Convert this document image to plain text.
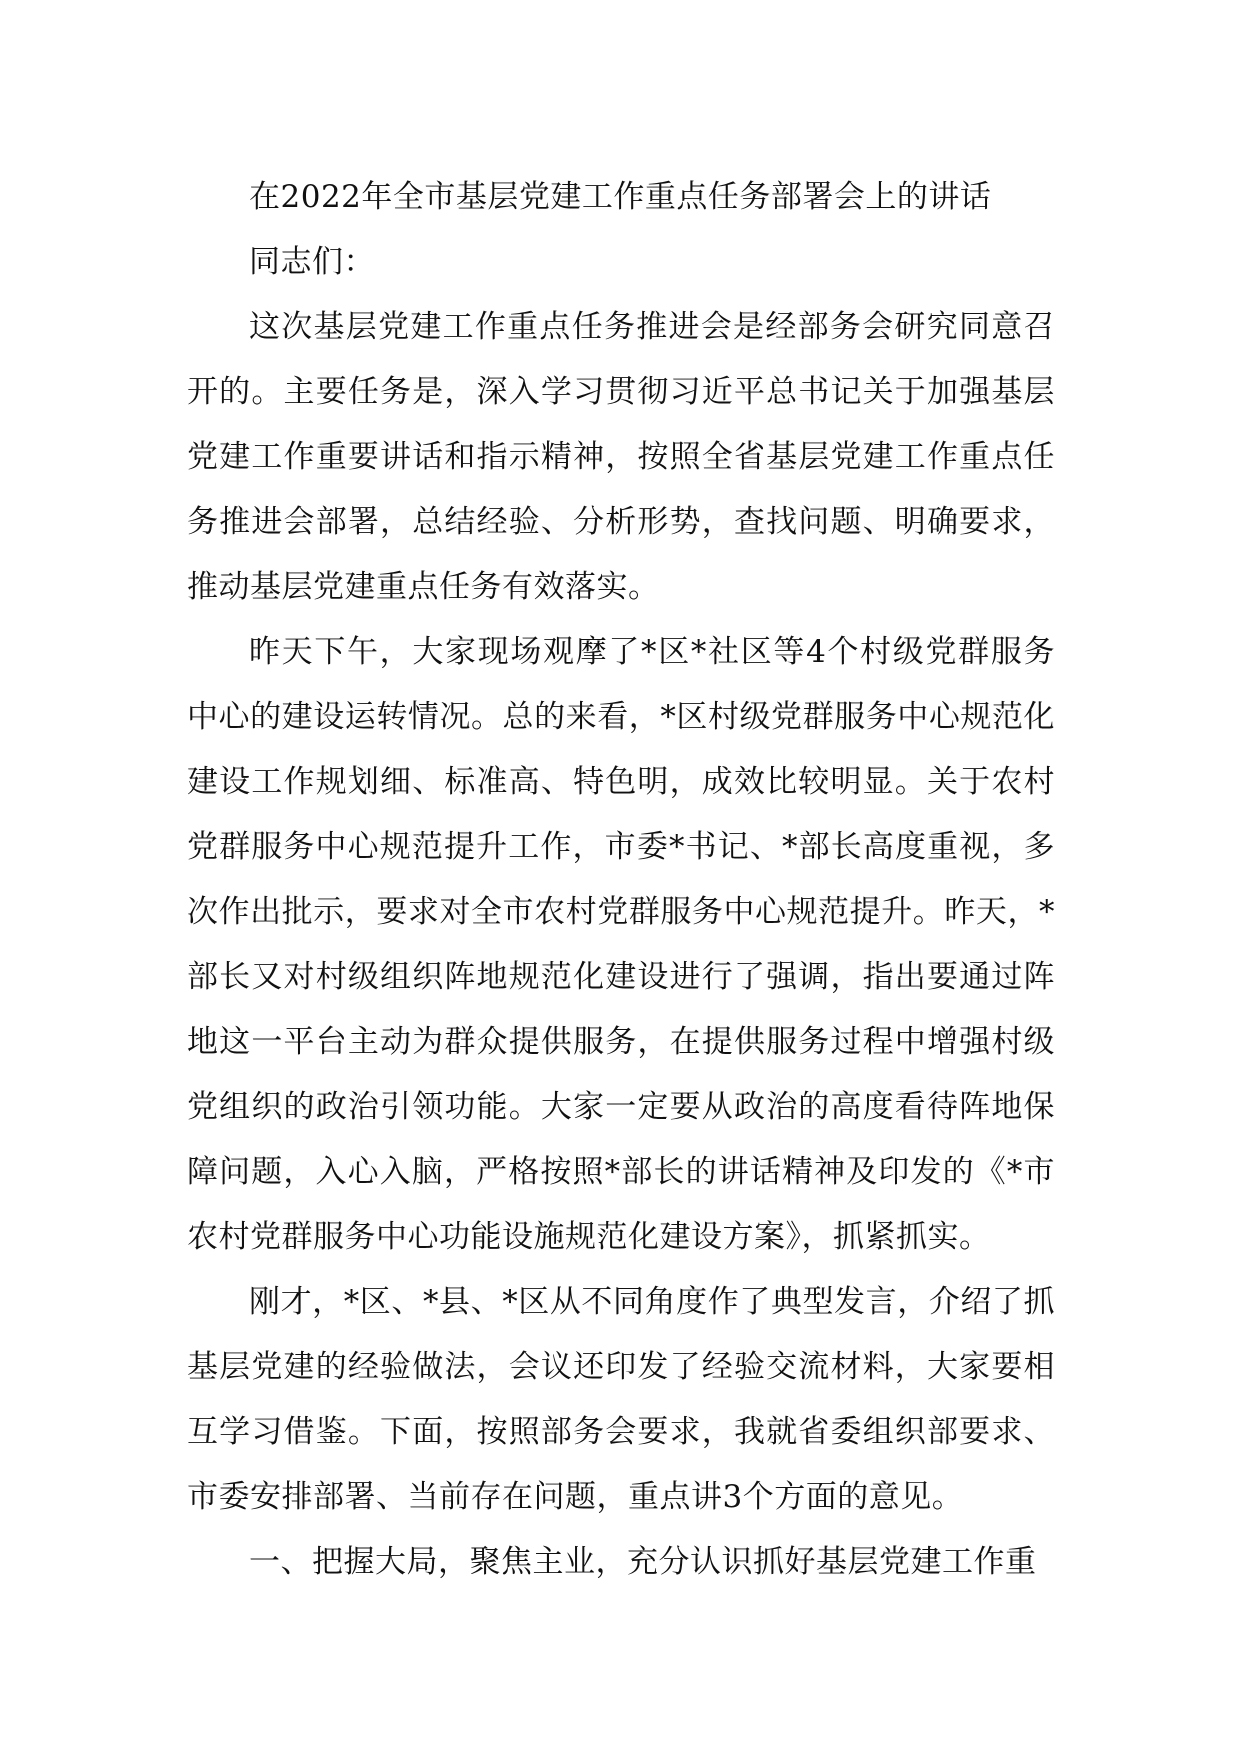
在2022年全市基层党建工作重点任务部署会上的讲话

同志们：

这次基层党建工作重点任务推进会是经部务会研究同意召开的。主要任务是，深入学习贯彻习近平总书记关于加强基层党建工作重要讲话和指示精神，按照全省基层党建工作重点任务推进会部署，总结经验、分析形势，查找问题、明确要求，推动基层党建重点任务有效落实。

昨天下午，大家现场观摩了*区*社区等4个村级党群服务中心的建设运转情况。总的来看，*区村级党群服务中心规范化建设工作规划细、标准高、特色明，成效比较明显。关于农村党群服务中心规范提升工作，市委*书记、*部长高度重视，多次作出批示，要求对全市农村党群服务中心规范提升。昨天，*部长又对村级组织阵地规范化建设进行了强调，指出要通过阵地这一平台主动为群众提供服务，在提供服务过程中增强村级党组织的政治引领功能。大家一定要从政治的高度看待阵地保障问题，入心入脑，严格按照*部长的讲话精神及印发的《*市农村党群服务中心功能设施规范化建设方案》，抓紧抓实。

刚才，*区、*县、*区从不同角度作了典型发言，介绍了抓基层党建的经验做法，会议还印发了经验交流材料，大家要相互学习借鉴。下面，按照部务会要求，我就省委组织部要求、市委安排部署、当前存在问题，重点讲3个方面的意见。

一、把握大局，聚焦主业，充分认识抓好基层党建工作重
